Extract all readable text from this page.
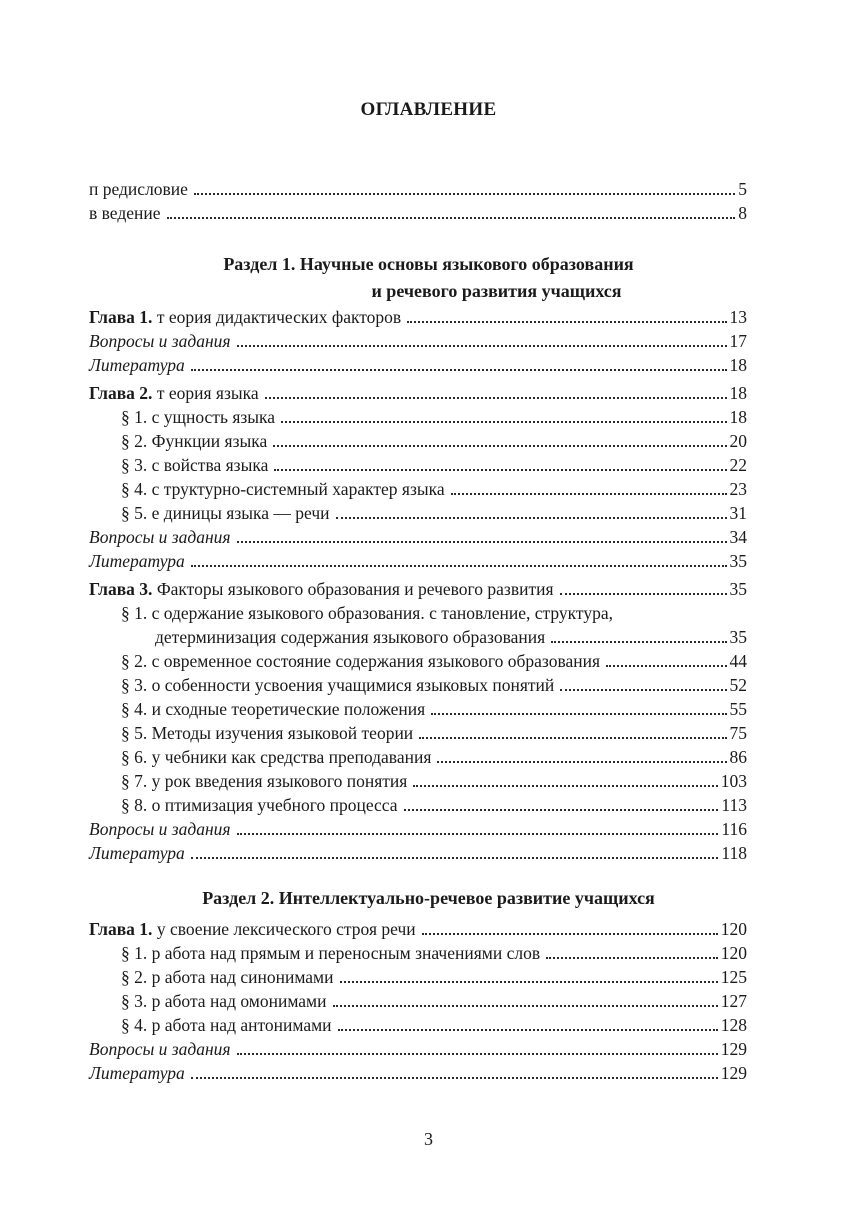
ОГЛАВЛЕНИЕ
п редисловие	5
в ведение	8
Раздел 1. Научные основы языкового образования
и речевого развития учащихся
Глава 1. т еория дидактических факторов	13
Вопросы и задания	17
Литература	18
Глава 2. т еория языка	18
§ 1. с ущность языка	18
§ 2. Функции языка	20
§ 3. с войства языка	22
§ 4. с труктурно-системный характер языка	23
§ 5. е диницы языка — речи	31
Вопросы и задания	34
Литература	35
Глава 3. Факторы языкового образования и речевого развития	35
§ 1. с одержание языкового образования. с тановление, структура,
детерминизация содержания языкового образования	35
§ 2. с овременное состояние содержания языкового образования	44
§ 3. о собенности усвоения учащимися языковых понятий	52
§ 4. и сходные теоретические положения	55
§ 5. Методы изучения языковой теории	75
§ 6. у чебники как средства преподавания	86
§ 7. у рок введения языкового понятия	103
§ 8. о птимизация учебного процесса	113
Вопросы и задания	116
Литература	118
Раздел 2. Интеллектуально-речевое развитие учащихся
Глава 1. у своение лексического строя речи	120
§ 1. р абота над прямым и переносным значениями слов	120
§ 2. р абота над синонимами	125
§ 3. р абота над омонимами	127
§ 4. р абота над антонимами	128
Вопросы и задания	129
Литература	129
3
